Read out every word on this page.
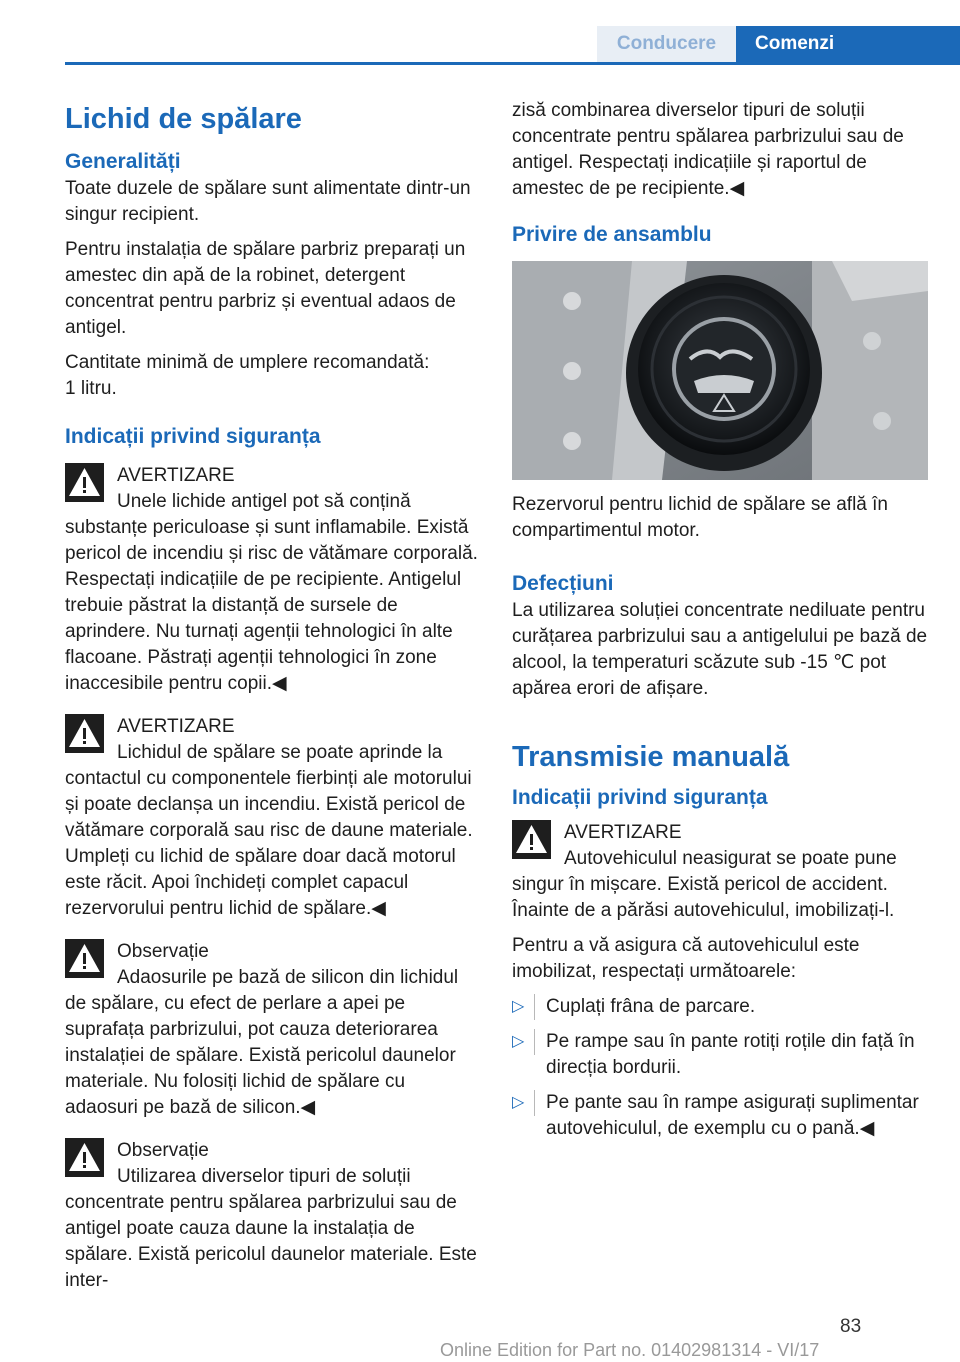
Conducere	Comenzi
Lichid de spălare
Generalități

Toate duzele de spălare sunt alimentate dintr-un singur recipient.

Pentru instalația de spălare parbriz preparați un amestec din apă de la robinet, detergent concentrat pentru parbriz și eventual adaos de antigel.

Cantitate minimă de umplere recomandată:
1 litru.

Indicații privind siguranța
AVERTIZARE
Unele lichide antigel pot să conțină substanțe periculoase și sunt inflamabile. Există pericol de incendiu și risc de vătămare corporală. Respectați indicațiile de pe recipiente. Antigelul trebuie păstrat la distanță de sursele de aprindere. Nu turnați agenții tehnologici în alte flacoane. Păstrați agenții tehnologici în zone inaccesibile pentru copii.◀
AVERTIZARE
Lichidul de spălare se poate aprinde la contactul cu componentele fierbinți ale motorului și poate declanșa un incendiu. Există pericol de vătămare corporală sau risc de daune materiale. Umpleți cu lichid de spălare doar dacă motorul este răcit. Apoi închideți complet capacul rezervorului pentru lichid de spălare.◀
Observație
Adaosurile pe bază de silicon din lichidul de spălare, cu efect de perlare a apei pe suprafața parbrizului, pot cauza deteriorarea instalației de spălare. Există pericolul daunelor materiale. Nu folosiți lichid de spălare cu adaosuri pe bază de silicon.◀
Observație
Utilizarea diverselor tipuri de soluții concentrate pentru spălarea parbrizului sau de antigel poate cauza daune la instalația de spălare. Există pericolul daunelor materiale. Este inter-

zisă combinarea diverselor tipuri de soluții concentrate pentru spălarea parbrizului sau de antigel. Respectați indicațiile și raportul de amestec de pe recipiente.◀

Privire de ansamblu

Rezervorul pentru lichid de spălare se află în compartimentul motor.

Defecțiuni

La utilizarea soluției concentrate nediluate pentru curățarea parbrizului sau a antigelului pe bază de alcool, la temperaturi scăzute sub -15 ℃ pot apărea erori de afișare.

Transmisie manuală
Indicații privind siguranța
AVERTIZARE
Autovehiculul neasigurat se poate pune singur în mișcare. Există pericol de accident. Înainte de a părăsi autovehiculul, imobilizați-l.

Pentru a vă asigura că autovehiculul este imobilizat, respectați următoarele:

▷ Cuplați frâna de parcare.
▷ Pe rampe sau în pante rotiți roțile din față în direcția bordurii.
▷ Pe pante sau în rampe asigurați suplimentar autovehiculul, de exemplu cu o pană.◀
83
Online Edition for Part no. 01402981314 - VI/17
